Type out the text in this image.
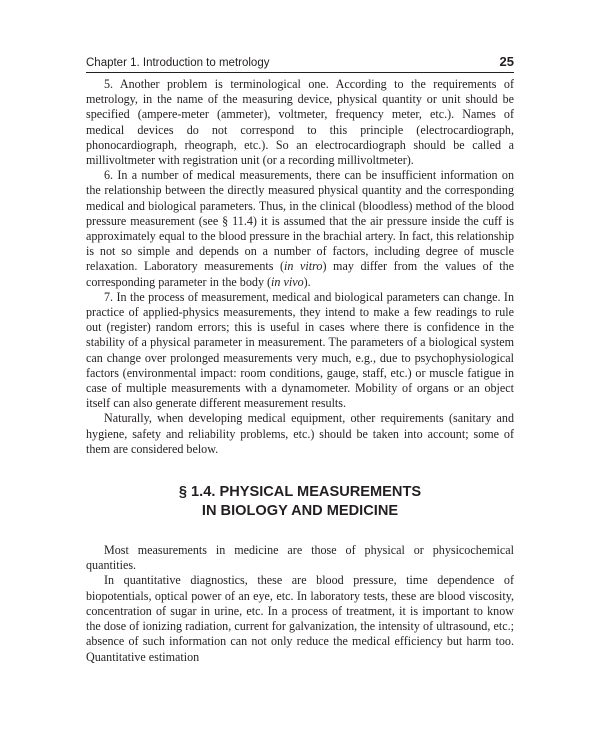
Chapter 1. Introduction to metrology	25

5. Another problem is terminological one. According to the requirements of metrology, in the name of the measuring device, physical quantity or unit should be specified (ampere-meter (ammeter), voltmeter, frequency meter, etc.). Names of medical devices do not correspond to this principle (electrocardiograph, phonocardiograph, rheograph, etc.). So an electrocardiograph should be called a millivoltmeter with registration unit (or a recording millivoltmeter).

6. In a number of medical measurements, there can be insufficient information on the relationship between the directly measured physical quantity and the corresponding medical and biological parameters. Thus, in the clinical (bloodless) method of the blood pressure measurement (see § 11.4) it is assumed that the air pressure inside the cuff is approximately equal to the blood pressure in the brachial artery. In fact, this relationship is not so simple and depends on a number of factors, including degree of muscle relaxation. Laboratory measurements (in vitro) may differ from the values of the corresponding parameter in the body (in vivo).

7. In the process of measurement, medical and biological parameters can change. In practice of applied-physics measurements, they intend to make a few readings to rule out (register) random errors; this is useful in cases where there is confidence in the stability of a physical parameter in measurement. The parameters of a biological system can change over prolonged measurements very much, e.g., due to psychophysiological factors (environmental impact: room conditions, gauge, staff, etc.) or muscle fatigue in case of multiple measurements with a dynamometer. Mobility of organs or an object itself can also generate different measurement results.

Naturally, when developing medical equipment, other requirements (sanitary and hygiene, safety and reliability problems, etc.) should be taken into account; some of them are considered below.

§ 1.4. PHYSICAL MEASUREMENTS
IN BIOLOGY AND MEDICINE

Most measurements in medicine are those of physical or physicochemical quantities.

In quantitative diagnostics, these are blood pressure, time dependence of biopotentials, optical power of an eye, etc. In laboratory tests, these are blood viscosity, concentration of sugar in urine, etc. In a process of treatment, it is important to know the dose of ionizing radiation, current for galvanization, the intensity of ultrasound, etc.; absence of such information can not only reduce the medical efficiency but harm too. Quantitative estimation
